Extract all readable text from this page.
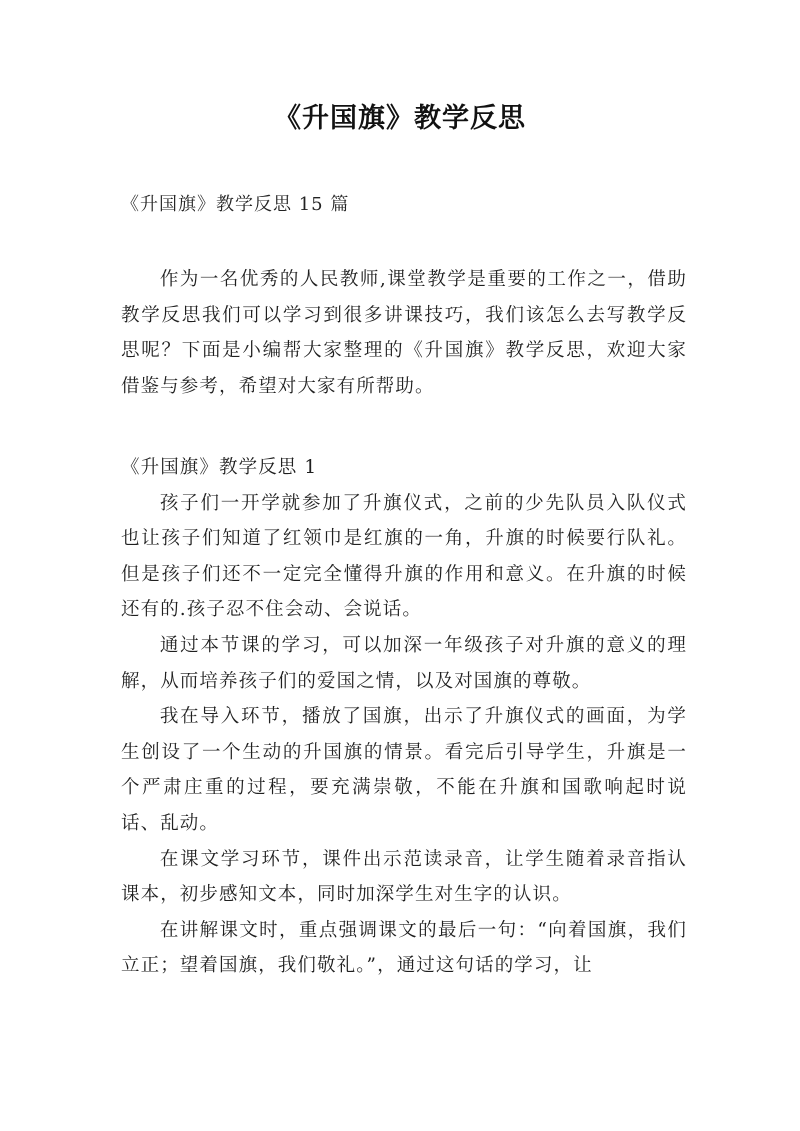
《升国旗》教学反思
《升国旗》教学反思 15 篇

作为一名优秀的人民教师,课堂教学是重要的工作之一，借助教学反思我们可以学习到很多讲课技巧，我们该怎么去写教学反思呢？下面是小编帮大家整理的《升国旗》教学反思，欢迎大家借鉴与参考，希望对大家有所帮助。

《升国旗》教学反思 1

孩子们一开学就参加了升旗仪式，之前的少先队员入队仪式也让孩子们知道了红领巾是红旗的一角，升旗的时候要行队礼。但是孩子们还不一定完全懂得升旗的作用和意义。在升旗的时候还有的.孩子忍不住会动、会说话。

通过本节课的学习，可以加深一年级孩子对升旗的意义的理解，从而培养孩子们的爱国之情，以及对国旗的尊敬。

我在导入环节，播放了国旗，出示了升旗仪式的画面，为学生创设了一个生动的升国旗的情景。看完后引导学生，升旗是一个严肃庄重的过程，要充满崇敬，不能在升旗和国歌响起时说话、乱动。

在课文学习环节，课件出示范读录音，让学生随着录音指认课本，初步感知文本，同时加深学生对生字的认识。

在讲解课文时，重点强调课文的最后一句：“向着国旗，我们立正；望着国旗，我们敬礼。”，通过这句话的学习，让
